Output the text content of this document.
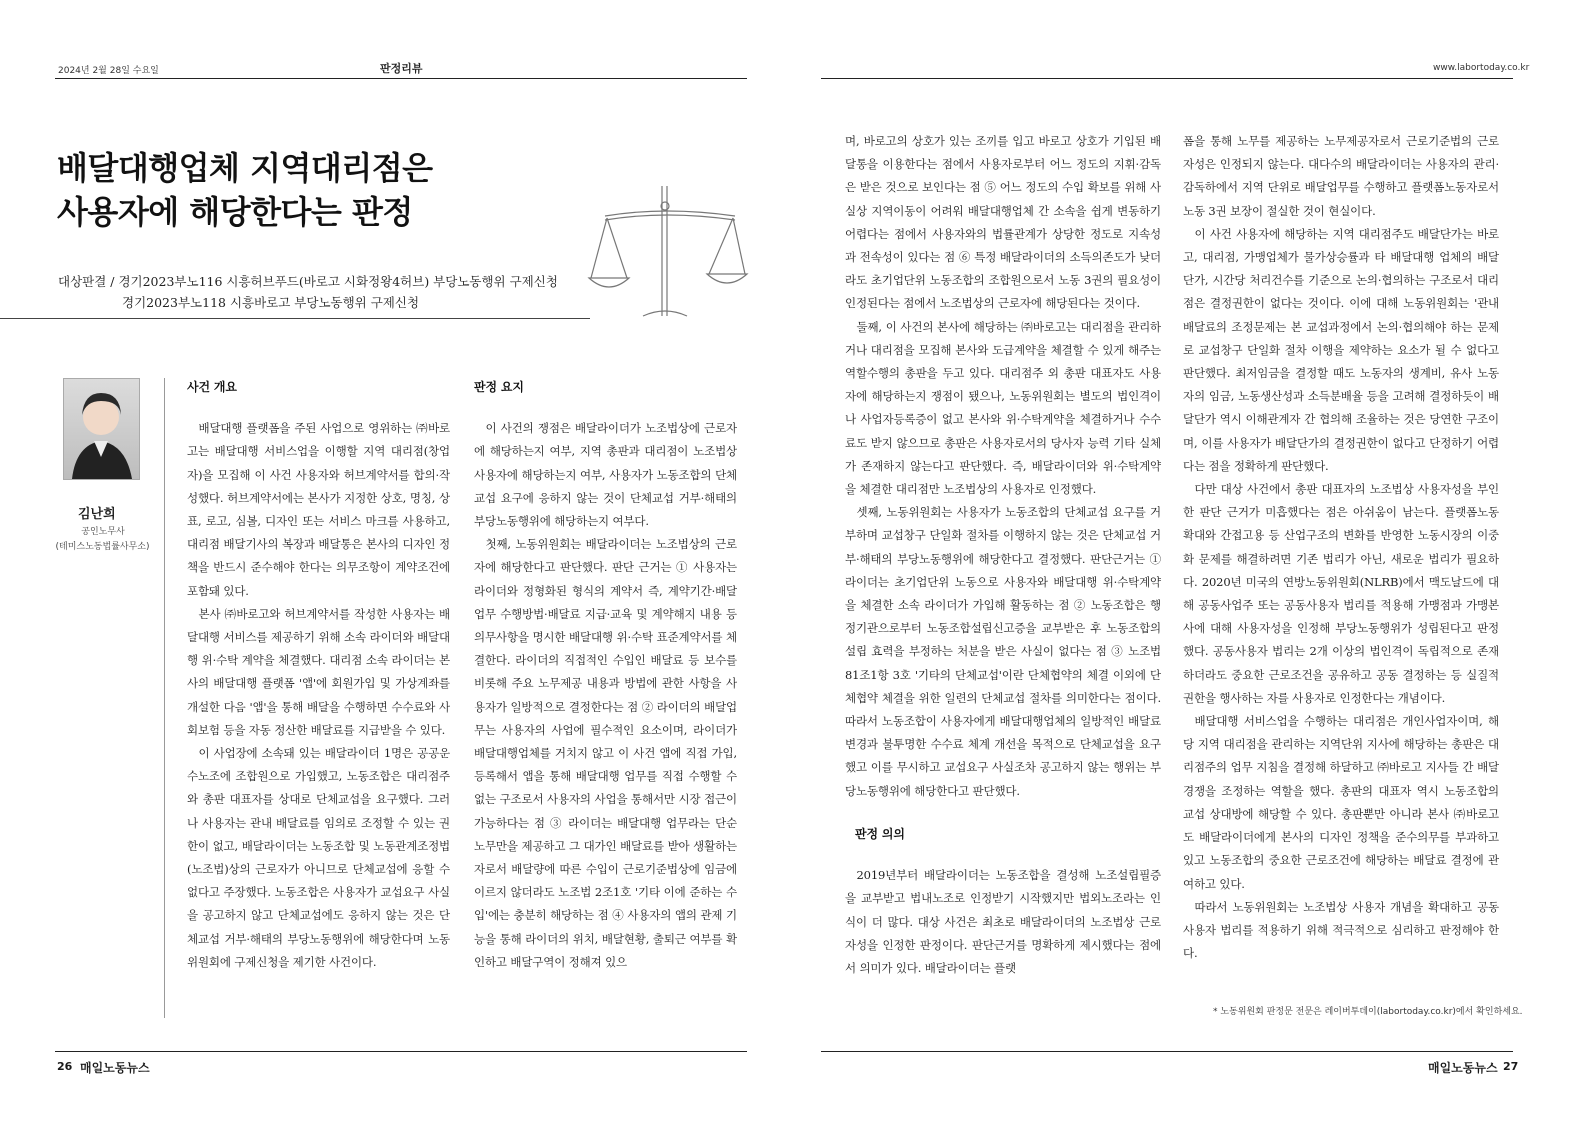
2024년 2월 28일 수요일	판정리뷰	www.labortoday.co.kr
배달대행업체 지역대리점은
사용자에 해당한다는 판정
대상판결 / 경기2023부노116 시흥허브푸드(바로고 시화정왕4허브) 부당노동행위 구제신청
경기2023부노118 시흥바로고 부당노동행위 구제신청
김난희
공인노무사
(테미스노동법률사무소)
사건 개요

배달대행 플랫폼을 주된 사업으로 영위하는 ㈜바로고는 배달대행 서비스업을 이행할 지역 대리점(창업자)을 모집해 이 사건 사용자와 허브계약서를 합의·작성했다. 허브계약서에는 본사가 지정한 상호, 명칭, 상표, 로고, 심볼, 디자인 또는 서비스 마크를 사용하고, 대리점 배달기사의 복장과 배달통은 본사의 디자인 정책을 반드시 준수해야 한다는 의무조항이 계약조건에 포함돼 있다.

본사 ㈜바로고와 허브계약서를 작성한 사용자는 배달대행 서비스를 제공하기 위해 소속 라이더와 배달대행 위·수탁 계약을 체결했다. 대리점 소속 라이더는 본사의 배달대행 플랫폼 '앱'에 회원가입 및 가상계좌를 개설한 다음 '앱'을 통해 배달을 수행하면 수수료와 사회보험 등을 자동 정산한 배달료를 지급받을 수 있다.

이 사업장에 소속돼 있는 배달라이더 1명은 공공운수노조에 조합원으로 가입했고, 노동조합은 대리점주와 총판 대표자를 상대로 단체교섭을 요구했다. 그러나 사용자는 관내 배달료를 임의로 조정할 수 있는 권한이 없고, 배달라이더는 노동조합 및 노동관계조정법(노조법)상의 근로자가 아니므로 단체교섭에 응할 수 없다고 주장했다. 노동조합은 사용자가 교섭요구 사실을 공고하지 않고 단체교섭에도 응하지 않는 것은 단체교섭 거부·해태의 부당노동행위에 해당한다며 노동위원회에 구제신청을 제기한 사건이다.

판정 요지

이 사건의 쟁점은 배달라이더가 노조법상에 근로자에 해당하는지 여부, 지역 총판과 대리점이 노조법상 사용자에 해당하는지 여부, 사용자가 노동조합의 단체교섭 요구에 응하지 않는 것이 단체교섭 거부·해태의 부당노동행위에 해당하는지 여부다.

첫째, 노동위원회는 배달라이더는 노조법상의 근로자에 해당한다고 판단했다. 판단 근거는 ① 사용자는 라이더와 정형화된 형식의 계약서 즉, 계약기간·배달업무 수행방법·배달료 지급·교육 및 계약해지 내용 등 의무사항을 명시한 배달대행 위·수탁 표준계약서를 체결한다. 라이더의 직접적인 수입인 배달료 등 보수를 비롯해 주요 노무제공 내용과 방법에 관한 사항을 사용자가 일방적으로 결정한다는 점 ② 라이더의 배달업무는 사용자의 사업에 필수적인 요소이며, 라이더가 배달대행업체를 거치지 않고 이 사건 앱에 직접 가입, 등록해서 앱을 통해 배달대행 업무를 직접 수행할 수 없는 구조로서 사용자의 사업을 통해서만 시장 접근이 가능하다는 점 ③ 라이더는 배달대행 업무라는 단순 노무만을 제공하고 그 대가인 배달료를 받아 생활하는 자로서 배달량에 따른 수입이 근로기준법상에 임금에 이르지 않더라도 노조법 2조1호 '기타 이에 준하는 수입'에는 충분히 해당하는 점 ④ 사용자의 앱의 관제 기능을 통해 라이더의 위치, 배달현황, 출퇴근 여부를 확인하고 배달구역이 정해져 있으

며, 바로고의 상호가 있는 조끼를 입고 바로고 상호가 기입된 배달통을 이용한다는 점에서 사용자로부터 어느 정도의 지휘·감독은 받은 것으로 보인다는 점 ⑤ 어느 정도의 수입 확보를 위해 사실상 지역이동이 어려워 배달대행업체 간 소속을 쉽게 변동하기 어렵다는 점에서 사용자와의 법률관계가 상당한 정도로 지속성과 전속성이 있다는 점 ⑥ 특정 배달라이더의 소득의존도가 낮더라도 초기업단위 노동조합의 조합원으로서 노동 3권의 필요성이 인정된다는 점에서 노조법상의 근로자에 해당된다는 것이다.

둘째, 이 사건의 본사에 해당하는 ㈜바로고는 대리점을 관리하거나 대리점을 모집해 본사와 도급계약을 체결할 수 있게 해주는 역할수행의 총판을 두고 있다. 대리점주 외 총판 대표자도 사용자에 해당하는지 쟁점이 됐으나, 노동위원회는 별도의 법인격이나 사업자등록증이 없고 본사와 위·수탁계약을 체결하거나 수수료도 받지 않으므로 총판은 사용자로서의 당사자 능력 기타 실체가 존재하지 않는다고 판단했다. 즉, 배달라이더와 위·수탁계약을 체결한 대리점만 노조법상의 사용자로 인정했다.

셋째, 노동위원회는 사용자가 노동조합의 단체교섭 요구를 거부하며 교섭창구 단일화 절차를 이행하지 않는 것은 단체교섭 거부·해태의 부당노동행위에 해당한다고 결정했다. 판단근거는 ① 라이더는 초기업단위 노동으로 사용자와 배달대행 위·수탁계약을 체결한 소속 라이더가 가입해 활동하는 점 ② 노동조합은 행정기관으로부터 노동조합설립신고증을 교부받은 후 노동조합의 설립 효력을 부정하는 처분을 받은 사실이 없다는 점 ③ 노조법 81조1항 3호 '기타의 단체교섭'이란 단체협약의 체결 이외에 단체협약 체결을 위한 일련의 단체교섭 절차를 의미한다는 점이다. 따라서 노동조합이 사용자에게 배달대행업체의 일방적인 배달료 변경과 불투명한 수수료 체계 개선을 목적으로 단체교섭을 요구했고 이를 무시하고 교섭요구 사실조차 공고하지 않는 행위는 부당노동행위에 해당한다고 판단했다.

판정 의의

2019년부터 배달라이더는 노동조합을 결성해 노조설립필증을 교부받고 법내노조로 인정받기 시작했지만 법외노조라는 인식이 더 많다. 대상 사건은 최초로 배달라이더의 노조법상 근로자성을 인정한 판정이다. 판단근거를 명확하게 제시했다는 점에서 의미가 있다. 배달라이더는 플랫

폼을 통해 노무를 제공하는 노무제공자로서 근로기준법의 근로자성은 인정되지 않는다. 대다수의 배달라이더는 사용자의 관리·감독하에서 지역 단위로 배달업무를 수행하고 플랫폼노동자로서 노동 3권 보장이 절실한 것이 현실이다.

이 사건 사용자에 해당하는 지역 대리점주도 배달단가는 바로고, 대리점, 가맹업체가 물가상승률과 타 배달대행 업체의 배달단가, 시간당 처리건수를 기준으로 논의·협의하는 구조로서 대리점은 결정권한이 없다는 것이다. 이에 대해 노동위원회는 '관내 배달료의 조정문제는 본 교섭과정에서 논의·협의해야 하는 문제로 교섭창구 단일화 절차 이행을 제약하는 요소가 될 수 없다고 판단했다. 최저임금을 결정할 때도 노동자의 생계비, 유사 노동자의 임금, 노동생산성과 소득분배율 등을 고려해 결정하듯이 배달단가 역시 이해관계자 간 협의해 조율하는 것은 당연한 구조이며, 이를 사용자가 배달단가의 결정권한이 없다고 단정하기 어렵다는 점을 정확하게 판단했다.

다만 대상 사건에서 총판 대표자의 노조법상 사용자성을 부인한 판단 근거가 미흡했다는 점은 아쉬움이 남는다. 플랫폼노동 확대와 간접고용 등 산업구조의 변화를 반영한 노동시장의 이중화 문제를 해결하려면 기존 법리가 아닌, 새로운 법리가 필요하다. 2020년 미국의 연방노동위원회(NLRB)에서 맥도날드에 대해 공동사업주 또는 공동사용자 법리를 적용해 가맹점과 가맹본사에 대해 사용자성을 인정해 부당노동행위가 성립된다고 판정했다. 공동사용자 법리는 2개 이상의 법인격이 독립적으로 존재하더라도 중요한 근로조건을 공유하고 공동 결정하는 등 실질적 권한을 행사하는 자를 사용자로 인정한다는 개념이다.

배달대행 서비스업을 수행하는 대리점은 개인사업자이며, 해당 지역 대리점을 관리하는 지역단위 지사에 해당하는 총판은 대리점주의 업무 지침을 결정해 하달하고 ㈜바로고 지사들 간 배달 경쟁을 조정하는 역할을 했다. 총판의 대표자 역시 노동조합의 교섭 상대방에 해당할 수 있다. 총판뿐만 아니라 본사 ㈜바로고도 배달라이더에게 본사의 디자인 정책을 준수의무를 부과하고 있고 노동조합의 중요한 근로조건에 해당하는 배달료 결정에 관여하고 있다.

따라서 노동위원회는 노조법상 사용자 개념을 확대하고 공동사용자 법리를 적용하기 위해 적극적으로 심리하고 판정해야 한다.

* 노동위원회 판정문 전문은 레이버투데이(labortoday.co.kr)에서 확인하세요.
26 매일노동뉴스	매일노동뉴스 27
